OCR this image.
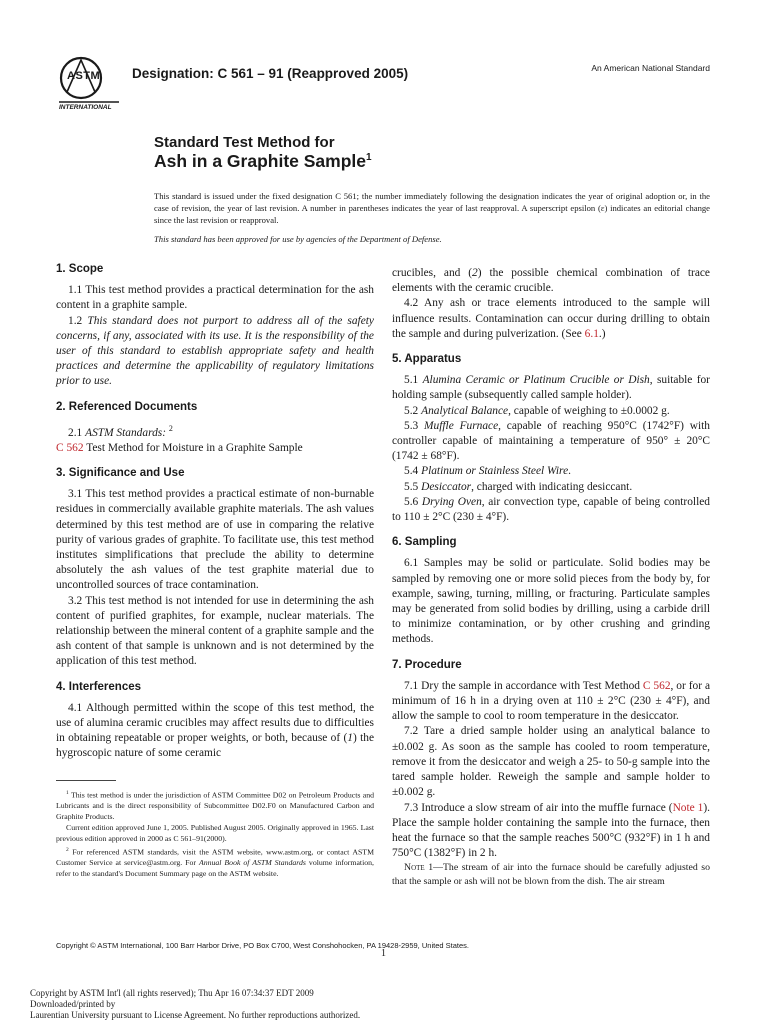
ASTM
INTERNATIONAL
Designation: C 561 – 91 (Reapproved 2005)	An American National Standard
Standard Test Method for
Ash in a Graphite Sample$^1$
This standard is issued under the fixed designation C 561; the number immediately following the designation indicates the year of original adoption or, in the case of revision, the year of last revision. A number in parentheses indicates the year of last reapproval. A superscript epsilon (ε) indicates an editorial change since the last revision or reapproval.
This standard has been approved for use by agencies of the Department of Defense.
1. Scope

1.1 This test method provides a practical determination for the ash content in a graphite sample.

1.2 This standard does not purport to address all of the safety concerns, if any, associated with its use. It is the responsibility of the user of this standard to establish appropriate safety and health practices and determine the applicability of regulatory limitations prior to use.

2. Referenced Documents

2.1 ASTM Standards: $^2$

C 562 Test Method for Moisture in a Graphite Sample

3. Significance and Use

3.1 This test method provides a practical estimate of non-burnable residues in commercially available graphite materials. The ash values determined by this test method are of use in comparing the relative purity of various grades of graphite. To facilitate use, this test method institutes simplifications that preclude the ability to determine absolutely the ash values of the test graphite material due to uncontrolled sources of trace contamination.

3.2 This test method is not intended for use in determining the ash content of purified graphites, for example, nuclear materials. The relationship between the mineral content of a graphite sample and the ash content of that sample is unknown and is not determined by the application of this test method.

4. Interferences

4.1 Although permitted within the scope of this test method, the use of alumina ceramic crucibles may affect results due to difficulties in obtaining repeatable or proper weights, or both, because of (1) the hygroscopic nature of some ceramic

$^1$ This test method is under the jurisdiction of ASTM Committee D02 on Petroleum Products and Lubricants and is the direct responsibility of Subcommittee D02.F0 on Manufactured Carbon and Graphite Products.

Current edition approved June 1, 2005. Published August 2005. Originally approved in 1965. Last previous edition approved in 2000 as C 561–91(2000).

$^2$ For referenced ASTM standards, visit the ASTM website, www.astm.org, or contact ASTM Customer Service at service@astm.org. For Annual Book of ASTM Standards volume information, refer to the standard's Document Summary page on the ASTM website.

crucibles, and (2) the possible chemical combination of trace elements with the ceramic crucible.

4.2 Any ash or trace elements introduced to the sample will influence results. Contamination can occur during drilling to obtain the sample and during pulverization. (See 6.1.)

5. Apparatus

5.1 Alumina Ceramic or Platinum Crucible or Dish, suitable for holding sample (subsequently called sample holder).

5.2 Analytical Balance, capable of weighing to ±0.0002 g.

5.3 Muffle Furnace, capable of reaching 950°C (1742°F) with controller capable of maintaining a temperature of 950° ± 20°C (1742 ± 68°F).

5.4 Platinum or Stainless Steel Wire.

5.5 Desiccator, charged with indicating desiccant.

5.6 Drying Oven, air convection type, capable of being controlled to 110 ± 2°C (230 ± 4°F).

6. Sampling

6.1 Samples may be solid or particulate. Solid bodies may be sampled by removing one or more solid pieces from the body by, for example, sawing, turning, milling, or fracturing. Particulate samples may be generated from solid bodies by drilling, using a carbide drill to minimize contamination, or by other crushing and grinding methods.

7. Procedure

7.1 Dry the sample in accordance with Test Method C 562, or for a minimum of 16 h in a drying oven at 110 ± 2°C (230 ± 4°F), and allow the sample to cool to room temperature in the desiccator.

7.2 Tare a dried sample holder using an analytical balance to ±0.002 g. As soon as the sample has cooled to room temperature, remove it from the desiccator and weigh a 25- to 50-g sample into the tared sample holder. Reweigh the sample and sample holder to ±0.002 g.

7.3 Introduce a slow stream of air into the muffle furnace (Note 1). Place the sample holder containing the sample into the furnace, then heat the furnace so that the sample reaches 500°C (932°F) in 1 h and 750°C (1382°F) in 2 h.

Note 1—The stream of air into the furnace should be carefully adjusted so that the sample or ash will not be blown from the dish. The air stream

Copyright © ASTM International, 100 Barr Harbor Drive, PO Box C700, West Conshohocken, PA 19428-2959, United States.
1
Copyright by ASTM Int'l (all rights reserved); Thu Apr 16 07:34:37 EDT 2009
Downloaded/printed by
Laurentian University pursuant to License Agreement. No further reproductions authorized.
